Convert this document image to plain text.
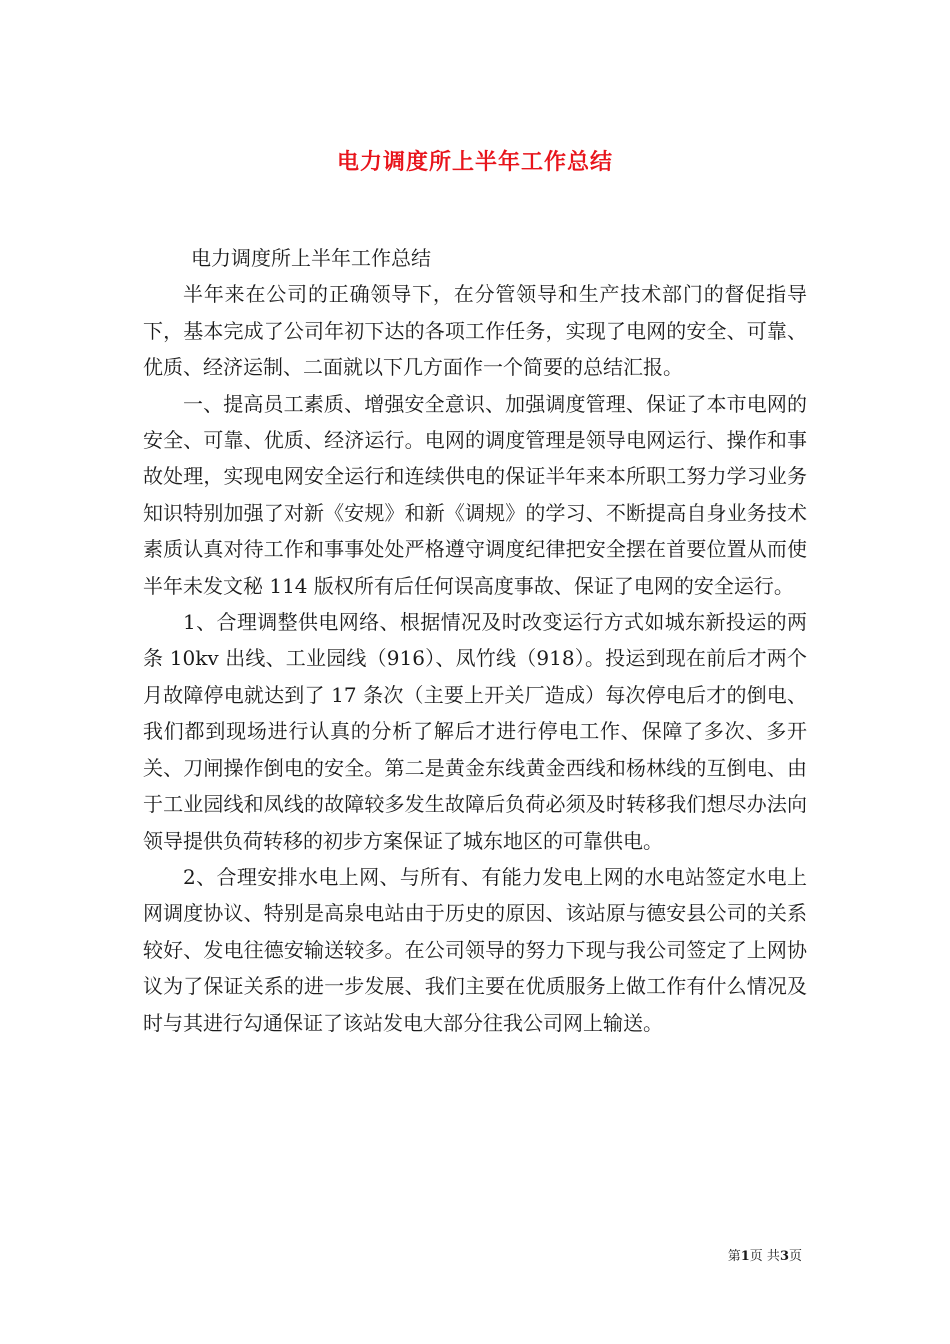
电力调度所上半年工作总结

电力调度所上半年工作总结

半年来在公司的正确领导下，在分管领导和生产技术部门的督促指导下，基本完成了公司年初下达的各项工作任务，实现了电网的安全、可靠、优质、经济运制、二面就以下几方面作一个简要的总结汇报。

一、提高员工素质、增强安全意识、加强调度管理、保证了本市电网的安全、可靠、优质、经济运行。电网的调度管理是领导电网运行、操作和事故处理，实现电网安全运行和连续供电的保证半年来本所职工努力学习业务知识特别加强了对新《安规》和新《调规》的学习、不断提高自身业务技术素质认真对待工作和事事处处严格遵守调度纪律把安全摆在首要位置从而使半年未发文秘 114 版权所有后任何误高度事故、保证了电网的安全运行。

1、合理调整供电网络、根据情况及时改变运行方式如城东新投运的两条 10kv 出线、工业园线（916）、凤竹线（918）。投运到现在前后才两个月故障停电就达到了 17 条次（主要上开关厂造成）每次停电后才的倒电、我们都到现场进行认真的分析了解后才进行停电工作、保障了多次、多开关、刀闸操作倒电的安全。第二是黄金东线黄金西线和杨林线的互倒电、由于工业园线和凤线的故障较多发生故障后负荷必须及时转移我们想尽办法向领导提供负荷转移的初步方案保证了城东地区的可靠供电。

2、合理安排水电上网、与所有、有能力发电上网的水电站签定水电上网调度协议、特别是高泉电站由于历史的原因、该站原与德安县公司的关系较好、发电往德安输送较多。在公司领导的努力下现与我公司签定了上网协议为了保证关系的进一步发展、我们主要在优质服务上做工作有什么情况及时与其进行勾通保证了该站发电大部分往我公司网上输送。

第1页 共3页
